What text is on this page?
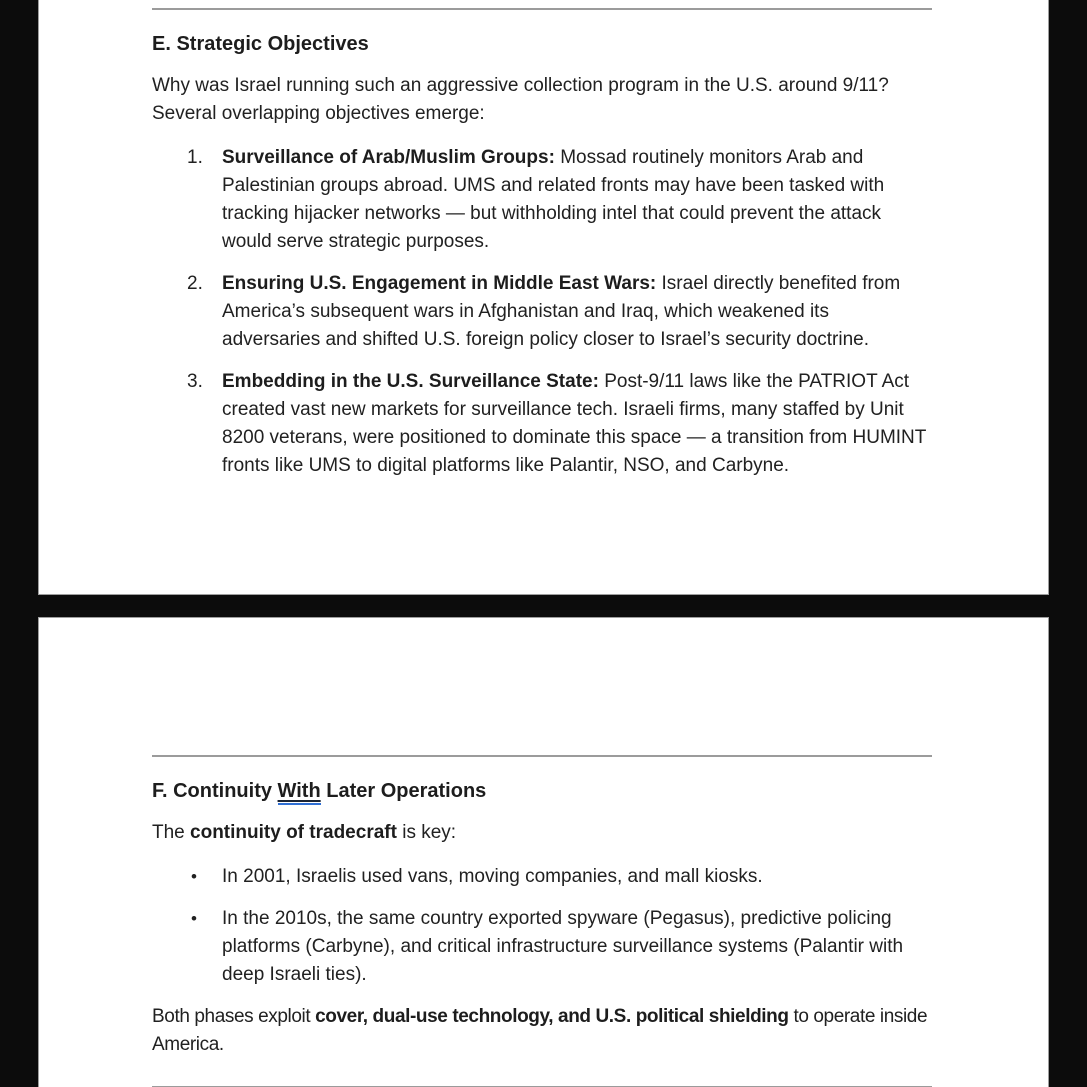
E. Strategic Objectives

Why was Israel running such an aggressive collection program in the U.S. around 9/11?
Several overlapping objectives emerge:

1.	Surveillance of Arab/Muslim Groups: Mossad routinely monitors Arab and Palestinian groups abroad. UMS and related fronts may have been tasked with tracking hijacker networks — but withholding intel that could prevent the attack would serve strategic purposes.
2.	Ensuring U.S. Engagement in Middle East Wars: Israel directly benefited from America’s subsequent wars in Afghanistan and Iraq, which weakened its adversaries and shifted U.S. foreign policy closer to Israel’s security doctrine.
3.	Embedding in the U.S. Surveillance State: Post-9/11 laws like the PATRIOT Act created vast new markets for surveillance tech. Israeli firms, many staffed by Unit 8200 veterans, were positioned to dominate this space — a transition from HUMINT fronts like UMS to digital platforms like Palantir, NSO, and Carbyne.
F. Continuity With Later Operations

The continuity of tradecraft is key:

•	In 2001, Israelis used vans, moving companies, and mall kiosks.
•	In the 2010s, the same country exported spyware (Pegasus), predictive policing platforms (Carbyne), and critical infrastructure surveillance systems (Palantir with deep Israeli ties).

Both phases exploit cover, dual-use technology, and U.S. political shielding to operate inside America.
